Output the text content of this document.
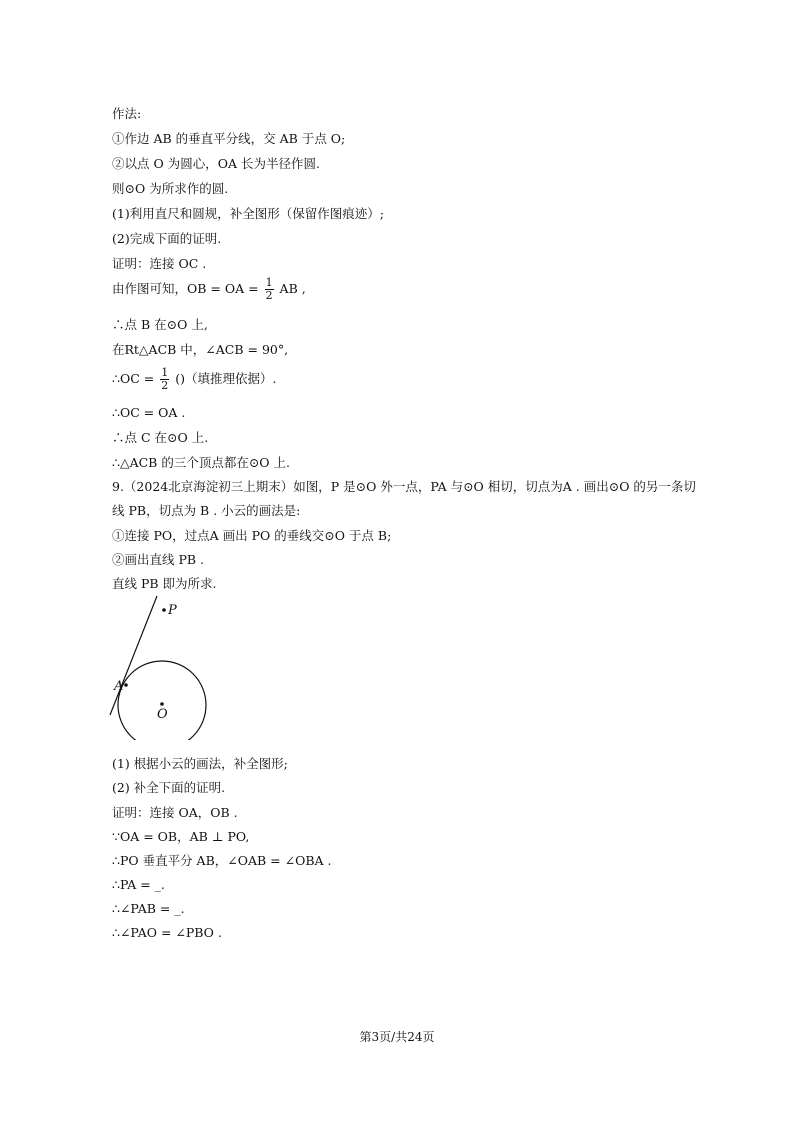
作法:
①作边 AB 的垂直平分线，交 AB 于点 O;
②以点 O 为圆心，OA 长为半径作圆.
则⊙O 为所求作的圆.
(1)利用直尺和圆规，补全图形（保留作图痕迹）;
(2)完成下面的证明.
证明：连接 OC .
由作图可知，OB = OA = $\frac{1}{2}$ AB ,
∴点 B 在⊙O 上,
在Rt△ACB 中，∠ACB = 90°,
∴OC = $\frac{1}{2}$ ()（填推理依据）.
∴OC = OA .
∴点 C 在⊙O 上.
∴△ACB 的三个顶点都在⊙O 上.
9.（2024北京海淀初三上期末）如图，P 是⊙O 外一点，PA 与⊙O 相切，切点为A . 画出⊙O 的另一条切
线 PB，切点为 B . 小云的画法是:
①连接 PO，过点A 画出 PO 的垂线交⊙O 于点 B;
②画出直线 PB .
直线 PB 即为所求.
P
A
O
(1) 根据小云的画法，补全图形;
(2) 补全下面的证明.
证明：连接 OA，OB .
∵OA = OB，AB ⊥ PO,
∴PO 垂直平分 AB，∠OAB = ∠OBA .
∴PA = _.
∴∠PAB = _.
∴∠PAO = ∠PBO .
第3页/共24页
